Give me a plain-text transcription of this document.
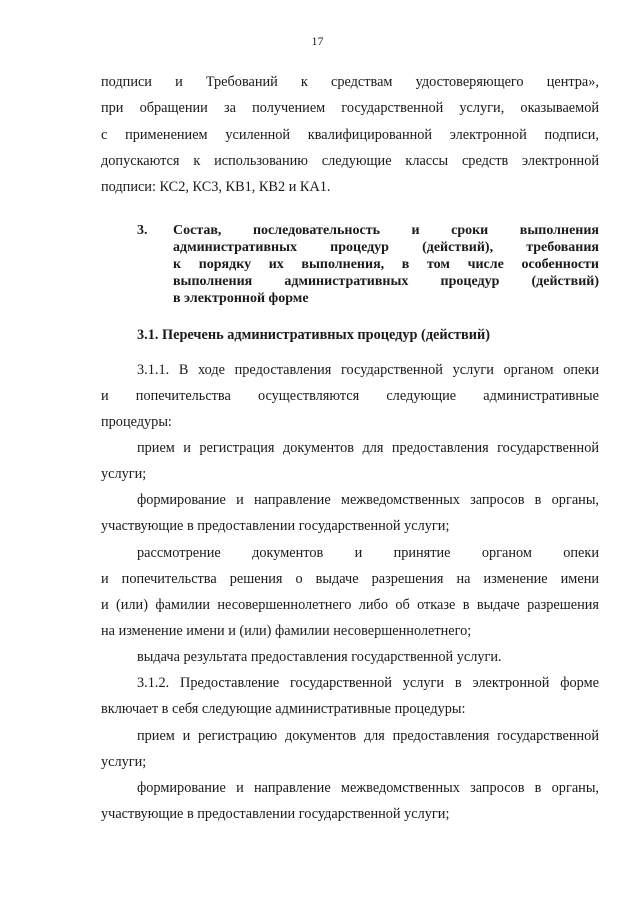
17
подписи и Требований к средствам удостоверяющего центра»,
при обращении за получением государственной услуги, оказываемой
с применением усиленной квалифицированной электронной подписи,
допускаются к использованию следующие классы средств электронной
подписи: КС2, КС3, КВ1, КВ2 и КА1.
3. Состав, последовательность и сроки выполнения
административных процедур (действий), требования
к порядку их выполнения, в том числе особенности
выполнения административных процедур (действий)
в электронной форме
3.1. Перечень административных процедур (действий)
3.1.1. В ходе предоставления государственной услуги органом опеки
и попечительства осуществляются следующие административные
процедуры:
прием и регистрация документов для предоставления государственной
услуги;
формирование и направление межведомственных запросов в органы,
участвующие в предоставлении государственной услуги;
рассмотрение документов и принятие органом опеки
и попечительства решения о выдаче разрешения на изменение имени
и (или) фамилии несовершеннолетнего либо об отказе в выдаче разрешения
на изменение имени и (или) фамилии несовершеннолетнего;
выдача результата предоставления государственной услуги.
3.1.2. Предоставление государственной услуги в электронной форме
включает в себя следующие административные процедуры:
прием и регистрацию документов для предоставления государственной
услуги;
формирование и направление межведомственных запросов в органы,
участвующие в предоставлении государственной услуги;
